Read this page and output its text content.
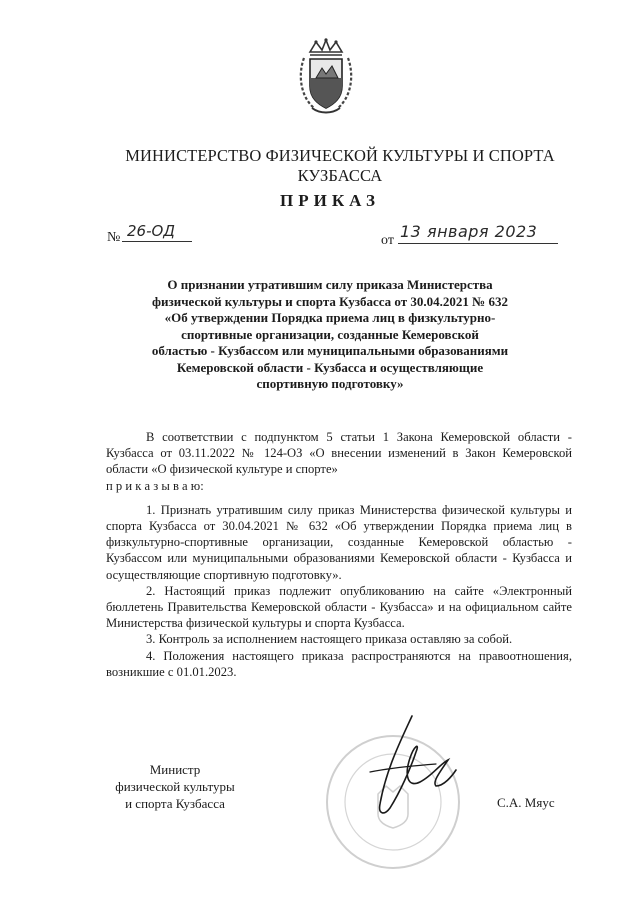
МИНИСТЕРСТВО ФИЗИЧЕСКОЙ КУЛЬТУРЫ И СПОРТА
КУЗБАССА
ПРИКАЗ
№ 26-ОД
от 13 января 2023
О признании утратившим силу приказа Министерства
физической культуры и спорта Кузбасса от 30.04.2021 № 632
«Об утверждении Порядка приема лиц в физкультурно-
спортивные организации, созданные Кемеровской
областью - Кузбассом или муниципальными образованиями
Кемеровской области - Кузбасса и осуществляющие
спортивную подготовку»

В соответствии с подпунктом 5 статьи 1 Закона Кемеровской области - Кузбасса от 03.11.2022 № 124-ОЗ «О внесении изменений в Закон Кемеровской области «О физической культуре и спорте»

п р и к а з ы в а ю:

1. Признать утратившим силу приказ Министерства физической культуры и спорта Кузбасса от 30.04.2021 № 632 «Об утверждении Порядка приема лиц в физкультурно-спортивные организации, созданные Кемеровской областью - Кузбассом или муниципальными образованиями Кемеровской области - Кузбасса и осуществляющие спортивную подготовку».

2. Настоящий приказ подлежит опубликованию на сайте «Электронный бюллетень Правительства Кемеровской области - Кузбасса» и на официальном сайте Министерства физической культуры и спорта Кузбасса.

3. Контроль за исполнением настоящего приказа оставляю за собой.

4. Положения настоящего приказа распространяются на правоотношения, возникшие с 01.01.2023.

Министр
физической культуры
и спорта Кузбасса	С.А. Мяус
